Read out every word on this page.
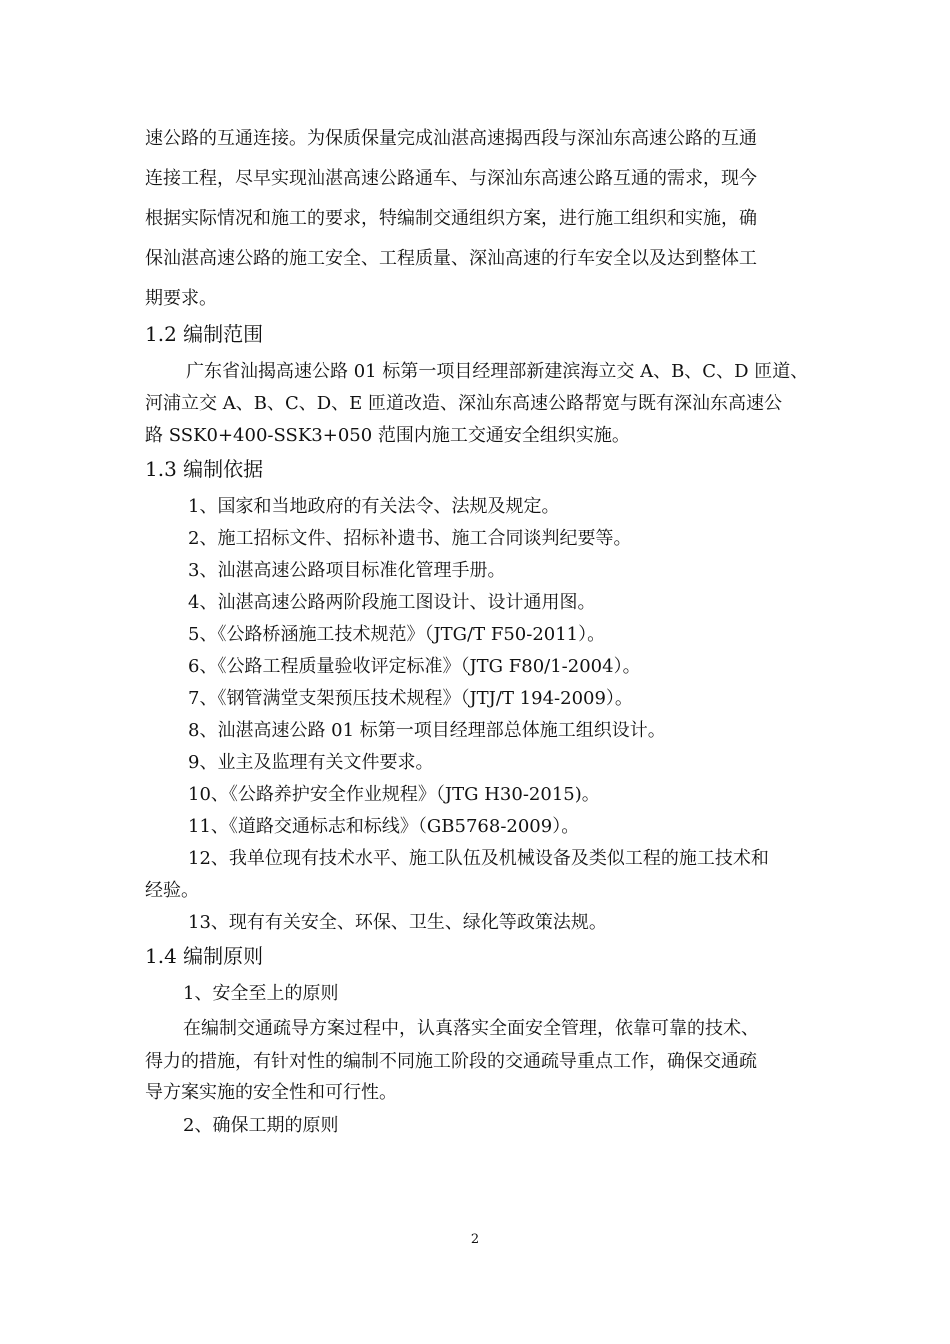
速公路的互通连接。为保质保量完成汕湛高速揭西段与深汕东高速公路的互通
连接工程，尽早实现汕湛高速公路通车、与深汕东高速公路互通的需求，现今
根据实际情况和施工的要求，特编制交通组织方案，进行施工组织和实施，确
保汕湛高速公路的施工安全、工程质量、深汕高速的行车安全以及达到整体工
期要求。
1.2 编制范围
广东省汕揭高速公路 01 标第一项目经理部新建滨海立交 A、B、C、D 匝道、
河浦立交 A、B、C、D、E 匝道改造、深汕东高速公路帮宽与既有深汕东高速公
路 SSK0+400-SSK3+050 范围内施工交通安全组织实施。
1.3 编制依据
1、国家和当地政府的有关法令、法规及规定。
2、施工招标文件、招标补遗书、施工合同谈判纪要等。
3、汕湛高速公路项目标准化管理手册。
4、汕湛高速公路两阶段施工图设计、设计通用图。
5、《公路桥涵施工技术规范》（JTG/T F50-2011）。
6、《公路工程质量验收评定标准》（JTG F80/1-2004）。
7、《钢管满堂支架预压技术规程》（JTJ/T 194-2009）。
8、汕湛高速公路 01 标第一项目经理部总体施工组织设计。
9、业主及监理有关文件要求。
10、《公路养护安全作业规程》（JTG H30-2015)。
11、《道路交通标志和标线》（GB5768-2009）。
12、我单位现有技术水平、施工队伍及机械设备及类似工程的施工技术和
经验。
13、现有有关安全、环保、卫生、绿化等政策法规。
1.4 编制原则
1、安全至上的原则
在编制交通疏导方案过程中，认真落实全面安全管理，依靠可靠的技术、
得力的措施，有针对性的编制不同施工阶段的交通疏导重点工作，确保交通疏
导方案实施的安全性和可行性。
2、确保工期的原则
2
